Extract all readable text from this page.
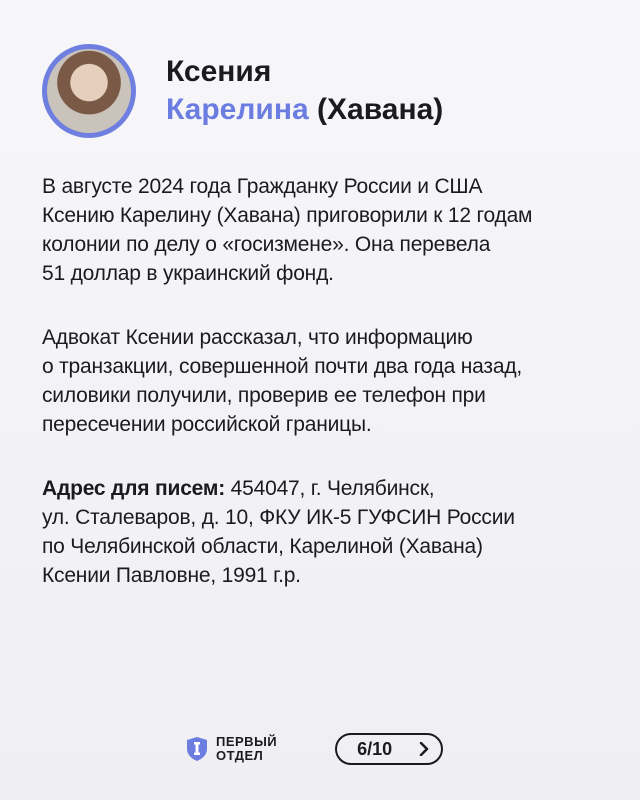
Ксения
Карелина (Хавана)

В августе 2024 года Гражданку России и США
Ксению Карелину (Хавана) приговорили к 12 годам
колонии по делу о «госизмене». Она перевела
51 доллар в украинский фонд.

Адвокат Ксении рассказал, что информацию
о транзакции, совершенной почти два года назад,
силовики получили, проверив ее телефон при
пересечении российской границы.

Адрес для писем: 454047, г. Челябинск,
ул. Сталеваров, д. 10, ФКУ ИК-5 ГУФСИН России
по Челябинской области, Карелиной (Хавана)
Ксении Павловне, 1991 г.р.

ПЕРВЫЙ
ОТДЕЛ	6/10
